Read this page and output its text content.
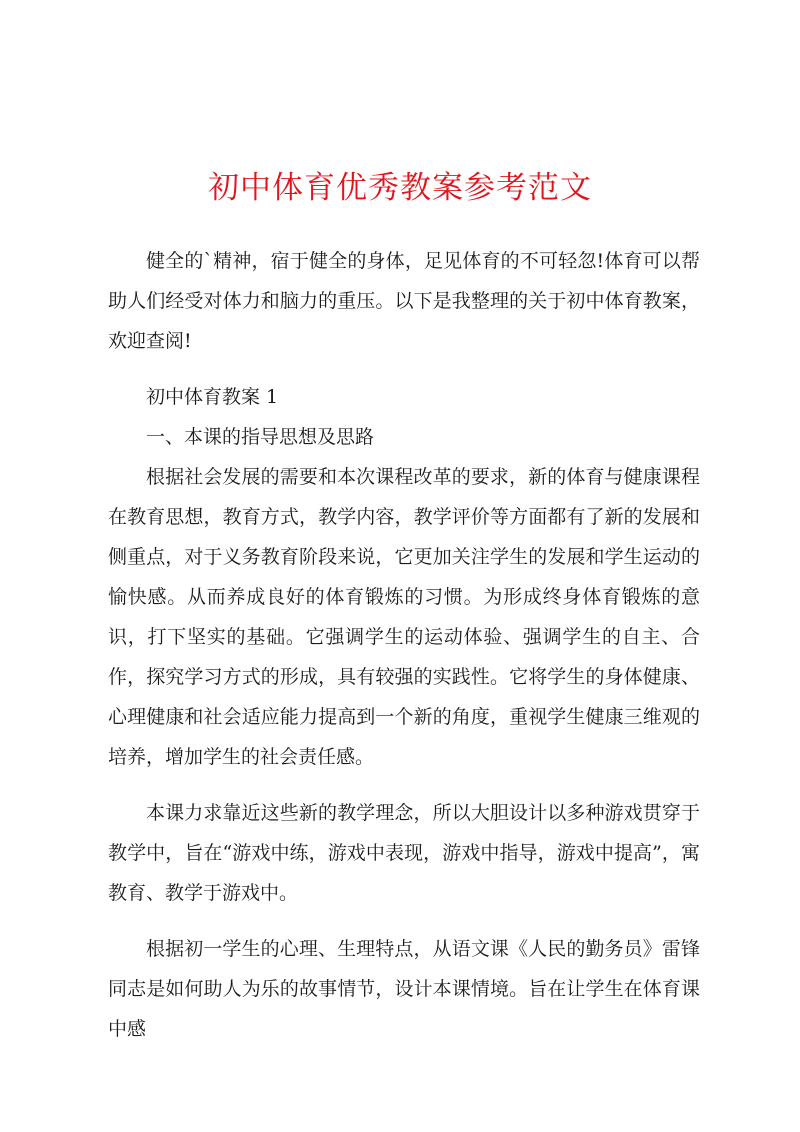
初中体育优秀教案参考范文

健全的`精神，宿于健全的身体，足见体育的不可轻忽!体育可以帮助人们经受对体力和脑力的重压。以下是我整理的关于初中体育教案，欢迎查阅!

初中体育教案 1

一、本课的指导思想及思路

根据社会发展的需要和本次课程改革的要求，新的体育与健康课程在教育思想，教育方式，教学内容，教学评价等方面都有了新的发展和侧重点，对于义务教育阶段来说，它更加关注学生的发展和学生运动的愉快感。从而养成良好的体育锻炼的习惯。为形成终身体育锻炼的意识，打下坚实的基础。它强调学生的运动体验、强调学生的自主、合作，探究学习方式的形成，具有较强的实践性。它将学生的身体健康、心理健康和社会适应能力提高到一个新的角度，重视学生健康三维观的培养，增加学生的社会责任感。

本课力求靠近这些新的教学理念，所以大胆设计以多种游戏贯穿于教学中，旨在“游戏中练，游戏中表现，游戏中指导，游戏中提高”，寓教育、教学于游戏中。

根据初一学生的心理、生理特点，从语文课《人民的勤务员》雷锋同志是如何助人为乐的故事情节，设计本课情境。旨在让学生在体育课中感
